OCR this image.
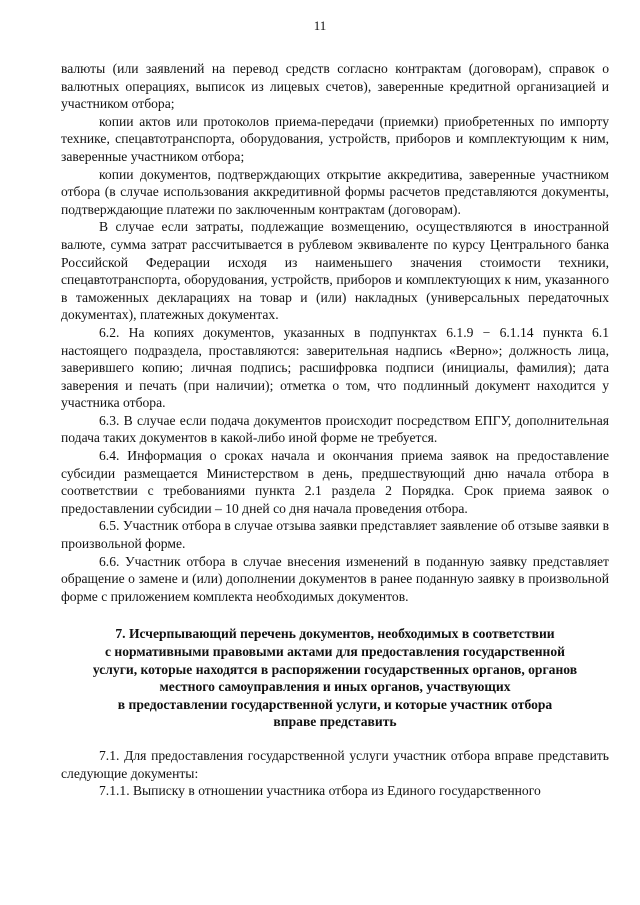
11

валюты (или заявлений на перевод средств согласно контрактам (договорам), справок о валютных операциях, выписок из лицевых счетов), заверенные кредитной организацией и участником отбора;

копии актов или протоколов приема-передачи (приемки) приобретенных по импорту технике, спецавтотранспорта, оборудования, устройств, приборов и комплектующим к ним, заверенные участником отбора;

копии документов, подтверждающих открытие аккредитива, заверенные участником отбора (в случае использования аккредитивной формы расчетов представляются документы, подтверждающие платежи по заключенным контрактам (договорам).

В случае если затраты, подлежащие возмещению, осуществляются в иностранной валюте, сумма затрат рассчитывается в рублевом эквиваленте по курсу Центрального банка Российской Федерации исходя из наименьшего значения стоимости техники, спецавтотранспорта, оборудования, устройств, приборов и комплектующих к ним, указанного в таможенных декларациях на товар и (или) накладных (универсальных передаточных документах), платежных документах.

6.2. На копиях документов, указанных в подпунктах 6.1.9 − 6.1.14 пункта 6.1 настоящего подраздела, проставляются: заверительная надпись «Верно»; должность лица, заверившего копию; личная подпись; расшифровка подписи (инициалы, фамилия); дата заверения и печать (при наличии); отметка о том, что подлинный документ находится у участника отбора.

6.3. В случае если подача документов происходит посредством ЕПГУ, дополнительная подача таких документов в какой-либо иной форме не требуется.

6.4. Информация о сроках начала и окончания приема заявок на предоставление субсидии размещается Министерством в день, предшествующий дню начала отбора в соответствии с требованиями пункта 2.1 раздела 2 Порядка. Срок приема заявок о предоставлении субсидии – 10 дней со дня начала проведения отбора.

6.5. Участник отбора в случае отзыва заявки представляет заявление об отзыве заявки в произвольной форме.

6.6. Участник отбора в случае внесения изменений в поданную заявку представляет обращение о замене и (или) дополнении документов в ранее поданную заявку в произвольной форме с приложением комплекта необходимых документов.

7. Исчерпывающий перечень документов, необходимых в соответствии
с нормативными правовыми актами для предоставления государственной
услуги, которые находятся в распоряжении государственных органов, органов
местного самоуправления и иных органов, участвующих
в предоставлении государственной услуги, и которые участник отбора
вправе представить

7.1. Для предоставления государственной услуги участник отбора вправе представить следующие документы:

7.1.1. Выписку в отношении участника отбора из Единого государственного
